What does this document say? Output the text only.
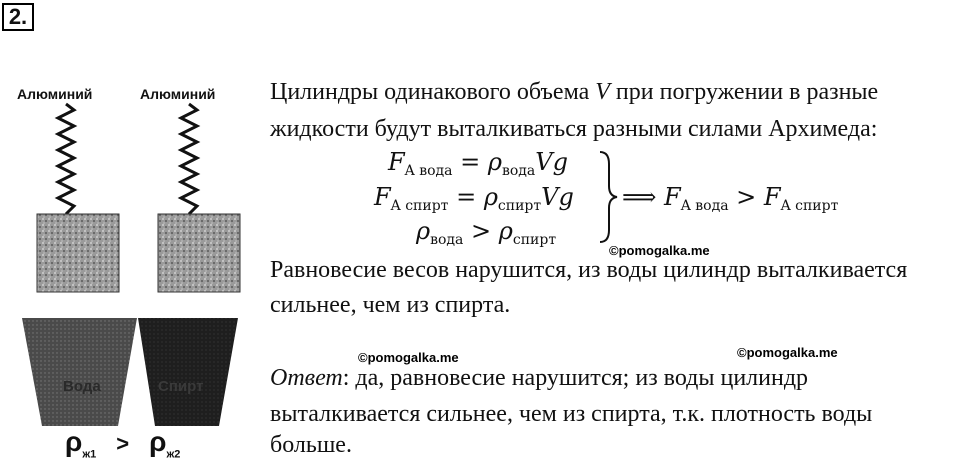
2.
Алюминий	Алюминий
Вода	Спирт
$\rho_{ж1} > \rho_{ж2}$
Цилиндры одинакового объема V при погружении в разные
жидкости будут выталкиваться разными силами Архимеда:
$F_{A вода} = \rho_{вода}Vg$
$F_{A спирт} = \rho_{спирт}Vg$
$\rho_{вода} > \rho_{спирт}$
⟹ $F_{A вода} > F_{A спирт}$
©pomogalka.me
Равновесие весов нарушится, из воды цилиндр выталкивается
сильнее, чем из спирта.
©pomogalka.me	©pomogalka.me
Ответ: да, равновесие нарушится; из воды цилиндр
выталкивается сильнее, чем из спирта, т.к. плотность воды
больше.
